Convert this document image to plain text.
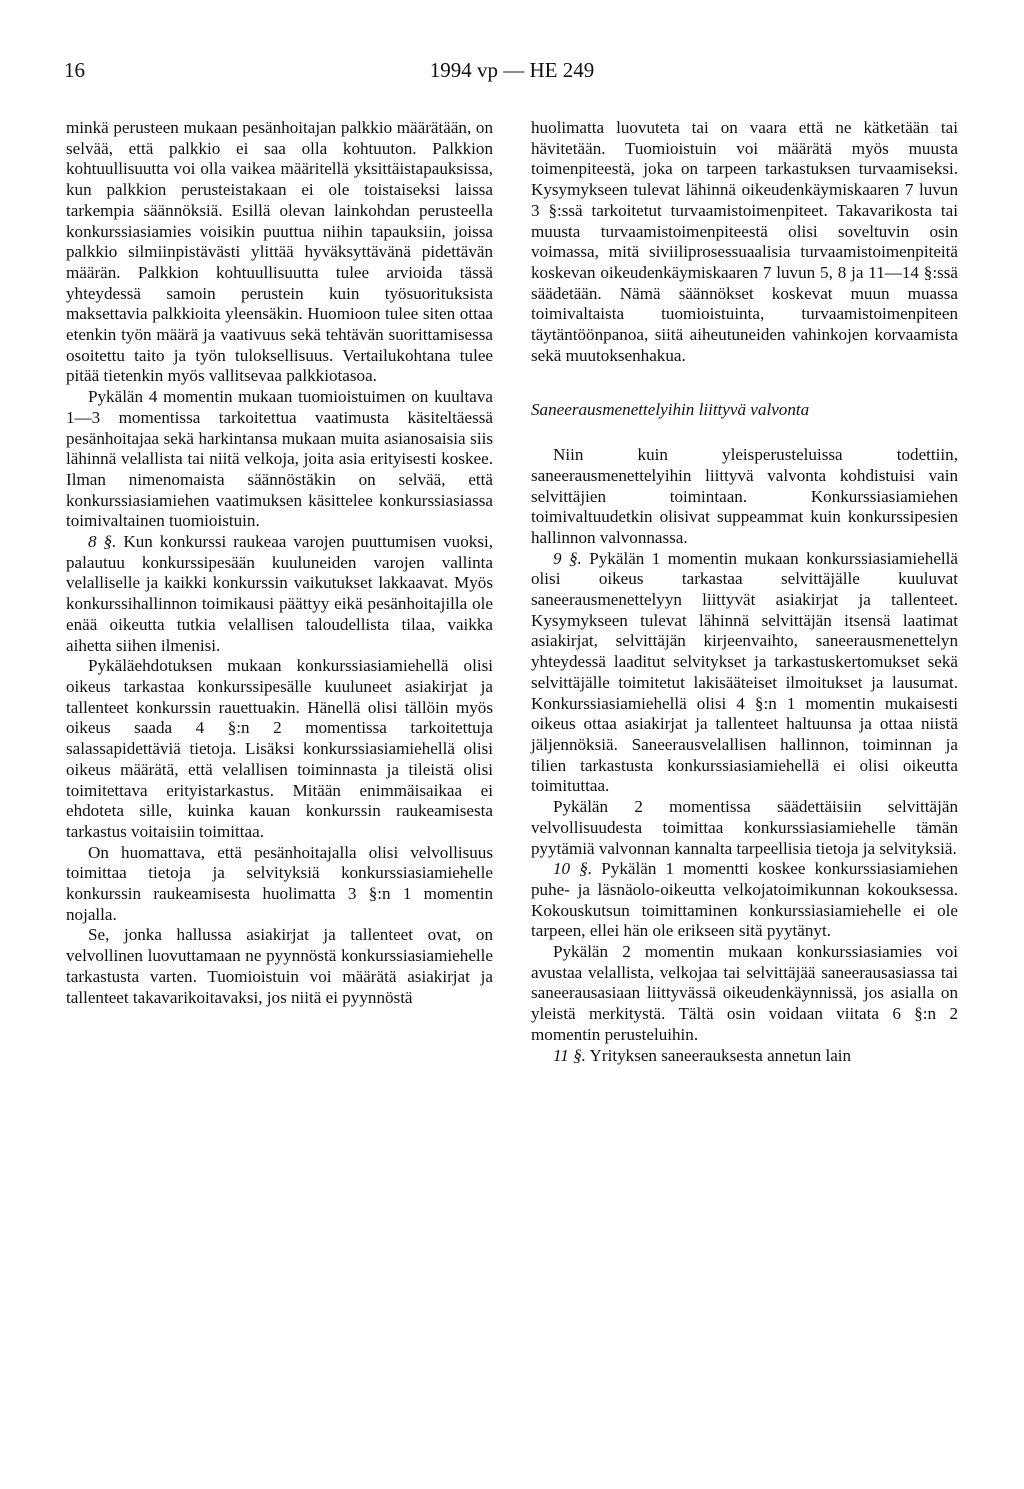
16	1994 vp — HE 249

minkä perusteen mukaan pesänhoitajan palkkio määrätään, on selvää, että palkkio ei saa olla kohtuuton. Palkkion kohtuullisuutta voi olla vaikea määritellä yksittäistapauksissa, kun palkkion perusteistakaan ei ole toistaiseksi laissa tarkempia säännöksiä. Esillä olevan lainkohdan perusteella konkurssiasiamies voisikin puuttua niihin tapauksiin, joissa palkkio silmiinpistävästi ylittää hyväksyttävänä pidettävän määrän. Palkkion kohtuullisuutta tulee arvioida tässä yhteydessä samoin perustein kuin työsuorituksista maksettavia palkkioita yleensäkin. Huomioon tulee siten ottaa etenkin työn määrä ja vaativuus sekä tehtävän suorittamisessa osoitettu taito ja työn tuloksellisuus. Vertailukohtana tulee pitää tietenkin myös vallitsevaa palkkiotasoa.

Pykälän 4 momentin mukaan tuomioistuimen on kuultava 1—3 momentissa tarkoitettua vaatimusta käsiteltäessä pesänhoitajaa sekä harkintansa mukaan muita asianosaisia siis lähinnä velallista tai niitä velkoja, joita asia erityisesti koskee. Ilman nimenomaista säännöstäkin on selvää, että konkurssiasiamiehen vaatimuksen käsittelee konkurssiasiassa toimivaltainen tuomioistuin.

8 §. Kun konkurssi raukeaa varojen puuttumisen vuoksi, palautuu konkurssipesään kuuluneiden varojen vallinta velalliselle ja kaikki konkurssin vaikutukset lakkaavat. Myös konkurssihallinnon toimikausi päättyy eikä pesänhoitajilla ole enää oikeutta tutkia velallisen taloudellista tilaa, vaikka aihetta siihen ilmenisi.

Pykäläehdotuksen mukaan konkurssiasiamiehellä olisi oikeus tarkastaa konkurssipesälle kuuluneet asiakirjat ja tallenteet konkurssin rauettuakin. Hänellä olisi tällöin myös oikeus saada 4 §:n 2 momentissa tarkoitettuja salassapidettäviä tietoja. Lisäksi konkurssiasiamiehellä olisi oikeus määrätä, että velallisen toiminnasta ja tileistä olisi toimitettava erityistarkastus. Mitään enimmäisaikaa ei ehdoteta sille, kuinka kauan konkurssin raukeamisesta tarkastus voitaisiin toimittaa.

On huomattava, että pesänhoitajalla olisi velvollisuus toimittaa tietoja ja selvityksiä konkurssiasiamiehelle konkurssin raukeamisesta huolimatta 3 §:n 1 momentin nojalla.

Se, jonka hallussa asiakirjat ja tallenteet ovat, on velvollinen luovuttamaan ne pyynnöstä konkurssiasiamiehelle tarkastusta varten. Tuomioistuin voi määrätä asiakirjat ja tallenteet takavarikoitavaksi, jos niitä ei pyynnöstä

huolimatta luovuteta tai on vaara että ne kätketään tai hävitetään. Tuomioistuin voi määrätä myös muusta toimenpiteestä, joka on tarpeen tarkastuksen turvaamiseksi. Kysymykseen tulevat lähinnä oikeudenkäymiskaaren 7 luvun 3 §:ssä tarkoitetut turvaamistoimenpiteet. Takavarikosta tai muusta turvaamistoimenpiteestä olisi soveltuvin osin voimassa, mitä siviiliprosessuaalisia turvaamistoimenpiteitä koskevan oikeudenkäymiskaaren 7 luvun 5, 8 ja 11—14 §:ssä säädetään. Nämä säännökset koskevat muun muassa toimivaltaista tuomioistuinta, turvaamistoimenpiteen täytäntöönpanoa, siitä aiheutuneiden vahinkojen korvaamista sekä muutoksenhakua.

Saneerausmenettelyihin liittyvä valvonta

Niin kuin yleisperusteluissa todettiin, saneerausmenettelyihin liittyvä valvonta kohdistuisi vain selvittäjien toimintaan. Konkurssiasiamiehen toimivaltuudetkin olisivat suppeammat kuin konkurssipesien hallinnon valvonnassa.

9 §. Pykälän 1 momentin mukaan konkurssiasiamiehellä olisi oikeus tarkastaa selvittäjälle kuuluvat saneerausmenettelyyn liittyvät asiakirjat ja tallenteet. Kysymykseen tulevat lähinnä selvittäjän itsensä laatimat asiakirjat, selvittäjän kirjeenvaihto, saneerausmenettelyn yhteydessä laaditut selvitykset ja tarkastuskertomukset sekä selvittäjälle toimitetut lakisääteiset ilmoitukset ja lausumat. Konkurssiasiamiehellä olisi 4 §:n 1 momentin mukaisesti oikeus ottaa asiakirjat ja tallenteet haltuunsa ja ottaa niistä jäljennöksiä. Saneerausvelallisen hallinnon, toiminnan ja tilien tarkastusta konkurssiasiamiehellä ei olisi oikeutta toimituttaa.

Pykälän 2 momentissa säädettäisiin selvittäjän velvollisuudesta toimittaa konkurssiasiamiehelle tämän pyytämiä valvonnan kannalta tarpeellisia tietoja ja selvityksiä.

10 §. Pykälän 1 momentti koskee konkurssiasiamiehen puhe- ja läsnäolo-oikeutta velkojatoimikunnan kokouksessa. Kokouskutsun toimittaminen konkurssiasiamiehelle ei ole tarpeen, ellei hän ole erikseen sitä pyytänyt.

Pykälän 2 momentin mukaan konkurssiasiamies voi avustaa velallista, velkojaa tai selvittäjää saneerausasiassa tai saneerausasiaan liittyvässä oikeudenkäynnissä, jos asialla on yleistä merkitystä. Tältä osin voidaan viitata 6 §:n 2 momentin perusteluihin.

11 §. Yrityksen saneerauksesta annetun lain
